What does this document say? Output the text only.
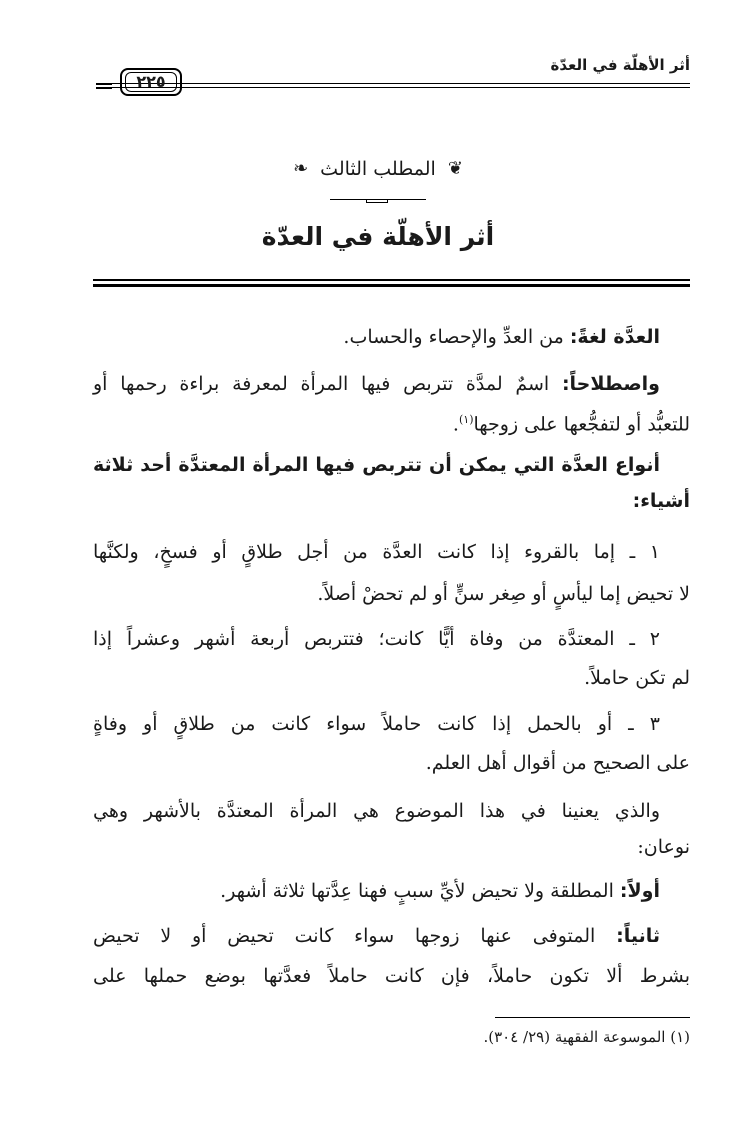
أثر الأهلّة في العدّة
٢٢٥
❦المطلب الثالث❧
أثر الأهلّة في العدّة
العدَّة لغةً: من العدِّ والإحصاء والحساب.
واصطلاحاً: اسمٌ لمدَّة تتربص فيها المرأة لمعرفة براءة رحمها أو
للتعبُّد أو لتفجُّعها على زوجها$^{(١)}$.
أنواع العدَّة التي يمكن أن تتربص فيها المرأة المعتدَّة أحد ثلاثة
أشياء:
١ ـ إما بالقروء إذا كانت العدَّة من أجل طلاقٍ أو فسخٍ، ولكنَّها
لا تحيض إما ليأسٍ أو صِغر سنٍّ أو لم تحضْ أصلاً.
٢ ـ المعتدَّة من وفاة أيًّا كانت؛ فتتربص أربعة أشهر وعشراً إذا
لم تكن حاملاً.
٣ ـ أو بالحمل إذا كانت حاملاً سواء كانت من طلاقٍ أو وفاةٍ
على الصحيح من أقوال أهل العلم.
والذي يعنينا في هذا الموضوع هي المرأة المعتدَّة بالأشهر وهي
نوعان:
أولاً: المطلقة ولا تحيض لأيِّ سببٍ فهنا عِدَّتها ثلاثة أشهر.
ثانياً: المتوفى عنها زوجها سواء كانت تحيض أو لا تحيض
بشرط ألا تكون حاملاً، فإن كانت حاملاً فعدَّتها بوضع حملها على
(١) الموسوعة الفقهية (٢٩/ ٣٠٤).
